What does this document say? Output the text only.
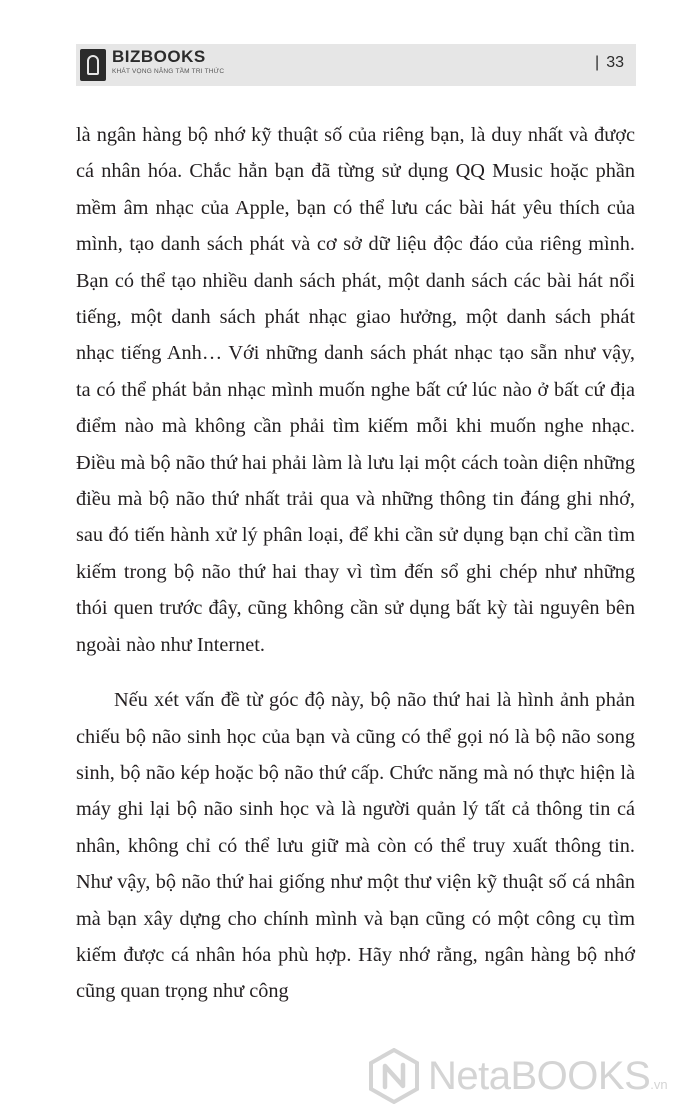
BIZBOOKS
KHÁT VỌNG NÂNG TẦM TRI THỨC
| 33

là ngân hàng bộ nhớ kỹ thuật số của riêng bạn, là duy nhất và được cá nhân hóa. Chắc hẳn bạn đã từng sử dụng QQ Music hoặc phần mềm âm nhạc của Apple, bạn có thể lưu các bài hát yêu thích của mình, tạo danh sách phát và cơ sở dữ liệu độc đáo của riêng mình. Bạn có thể tạo nhiều danh sách phát, một danh sách các bài hát nổi tiếng, một danh sách phát nhạc giao hưởng, một danh sách phát nhạc tiếng Anh… Với những danh sách phát nhạc tạo sẵn như vậy, ta có thể phát bản nhạc mình muốn nghe bất cứ lúc nào ở bất cứ địa điểm nào mà không cần phải tìm kiếm mỗi khi muốn nghe nhạc. Điều mà bộ não thứ hai phải làm là lưu lại một cách toàn diện những điều mà bộ não thứ nhất trải qua và những thông tin đáng ghi nhớ, sau đó tiến hành xử lý phân loại, để khi cần sử dụng bạn chỉ cần tìm kiếm trong bộ não thứ hai thay vì tìm đến sổ ghi chép như những thói quen trước đây, cũng không cần sử dụng bất kỳ tài nguyên bên ngoài nào như Internet.

Nếu xét vấn đề từ góc độ này, bộ não thứ hai là hình ảnh phản chiếu bộ não sinh học của bạn và cũng có thể gọi nó là bộ não song sinh, bộ não kép hoặc bộ não thứ cấp. Chức năng mà nó thực hiện là máy ghi lại bộ não sinh học và là người quản lý tất cả thông tin cá nhân, không chỉ có thể lưu giữ mà còn có thể truy xuất thông tin. Như vậy, bộ não thứ hai giống như một thư viện kỹ thuật số cá nhân mà bạn xây dựng cho chính mình và bạn cũng có một công cụ tìm kiếm được cá nhân hóa phù hợp. Hãy nhớ rằng, ngân hàng bộ nhớ cũng quan trọng như công

NetaBOOKS.vn
